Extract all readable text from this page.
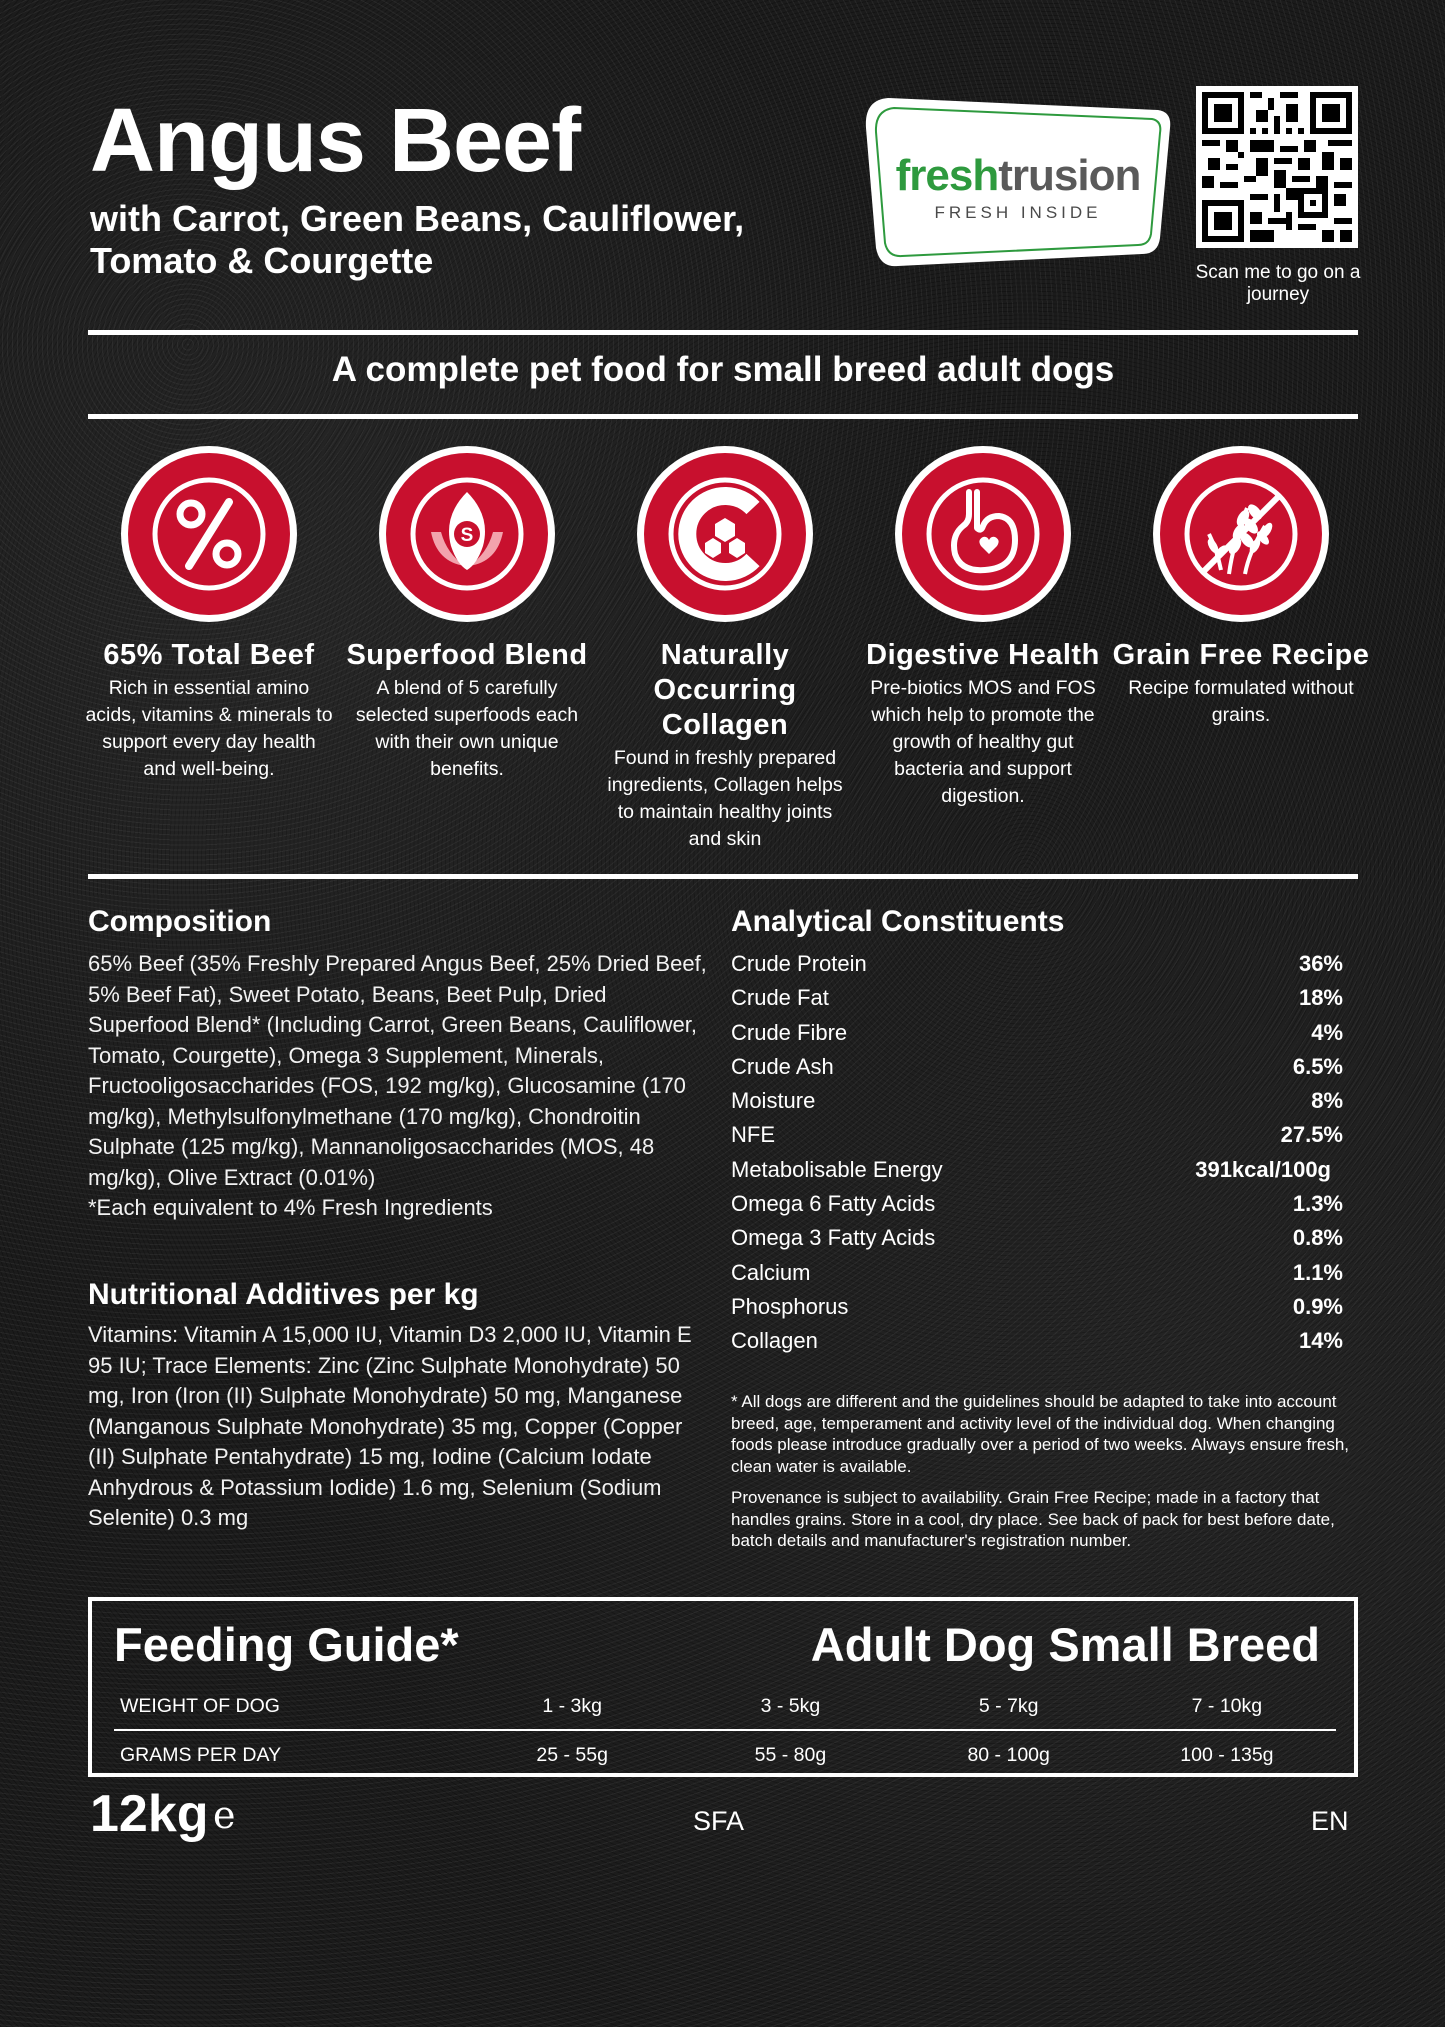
Angus Beef
with Carrot, Green Beans, Cauliflower, Tomato & Courgette
freshtrusion
FRESH INSIDE
Scan me to go on a journey
A complete pet food for small breed adult dogs
65% Total Beef
Rich in essential amino acids, vitamins & minerals to support every day health and well-being.
S
Superfood Blend
A blend of 5 carefully selected superfoods each with their own unique benefits.
Naturally Occurring Collagen
Found in freshly prepared ingredients, Collagen helps to maintain healthy joints and skin
Digestive Health
Pre-biotics MOS and FOS which help to promote the growth of healthy gut bacteria and support digestion.
Grain Free Recipe
Recipe formulated without grains.
Composition
65% Beef (35% Freshly Prepared Angus Beef, 25% Dried Beef, 5% Beef Fat), Sweet Potato, Beans, Beet Pulp, Dried Superfood Blend* (Including Carrot, Green Beans, Cauliflower, Tomato, Courgette), Omega 3 Supplement, Minerals, Fructooligosaccharides (FOS, 192 mg/kg), Glucosamine (170 mg/kg), Methylsulfonylmethane (170 mg/kg), Chondroitin Sulphate (125 mg/kg), Mannanoligosaccharides (MOS, 48 mg/kg), Olive Extract (0.01%)
*Each equivalent to 4% Fresh Ingredients
Nutritional Additives per kg
Vitamins: Vitamin A 15,000 IU, Vitamin D3 2,000 IU, Vitamin E 95 IU; Trace Elements: Zinc (Zinc Sulphate Monohydrate) 50 mg, Iron (Iron (II) Sulphate Monohydrate) 50 mg, Manganese (Manganous Sulphate Monohydrate) 35 mg, Copper (Copper (II) Sulphate Pentahydrate) 15 mg, Iodine (Calcium Iodate Anhydrous & Potassium Iodide) 1.6 mg, Selenium (Sodium Selenite) 0.3 mg
Analytical Constituents
Crude Protein	36%
Crude Fat	18%
Crude Fibre	4%
Crude Ash	6.5%
Moisture	8%
NFE	27.5%
Metabolisable Energy	391kcal/100g
Omega 6 Fatty Acids	1.3%
Omega 3 Fatty Acids	0.8%
Calcium	1.1%
Phosphorus	0.9%
Collagen	14%
* All dogs are different and the guidelines should be adapted to take into account breed, age, temperament and activity level of the individual dog. When changing foods please introduce gradually over a period of two weeks. Always ensure fresh, clean water is available.
Provenance is subject to availability. Grain Free Recipe; made in a factory that handles grains. Store in a cool, dry place. See back of pack for best before date, batch details and manufacturer's registration number.
Feeding Guide*	Adult Dog Small Breed
WEIGHT OF DOG	1 - 3kg	3 - 5kg	5 - 7kg	7 - 10kg
GRAMS PER DAY	25 - 55g	55 - 80g	80 - 100g	100 - 135g
12kg e	SFA	EN
